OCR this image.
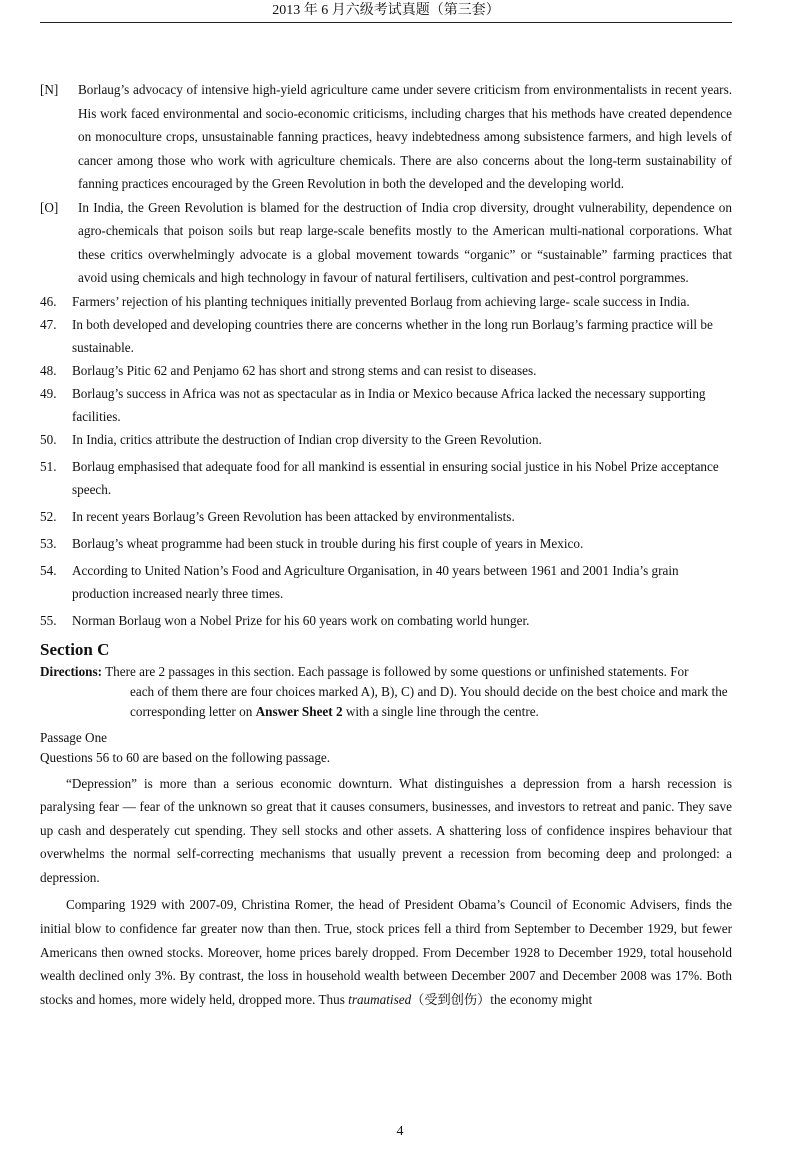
2013 年 6 月六级考试真题（第三套）
[N] Borlaug’s advocacy of intensive high-yield agriculture came under severe criticism from environmentalists in recent years. His work faced environmental and socio-economic criticisms, including charges that his methods have created dependence on monoculture crops, unsustainable fanning practices, heavy indebtedness among subsistence farmers, and high levels of cancer among those who work with agriculture chemicals. There are also concerns about the long-term sustainability of fanning practices encouraged by the Green Revolution in both the developed and the developing world.
[O] In India, the Green Revolution is blamed for the destruction of India crop diversity, drought vulnerability, dependence on agro-chemicals that poison soils but reap large-scale benefits mostly to the American multi-national corporations. What these critics overwhelmingly advocate is a global movement towards “organic” or “sustainable” farming practices that avoid using chemicals and high technology in favour of natural fertilisers, cultivation and pest-control porgrammes.
46. Farmers’ rejection of his planting techniques initially prevented Borlaug from achieving large- scale success in India.
47. In both developed and developing countries there are concerns whether in the long run Borlaug’s farming practice will be sustainable.
48. Borlaug’s Pitic 62 and Penjamo 62 has short and strong stems and can resist to diseases.
49. Borlaug’s success in Africa was not as spectacular as in India or Mexico because Africa lacked the necessary supporting facilities.
50. In India, critics attribute the destruction of Indian crop diversity to the Green Revolution.
51. Borlaug emphasised that adequate food for all mankind is essential in ensuring social justice in his Nobel Prize acceptance speech.
52. In recent years Borlaug’s Green Revolution has been attacked by environmentalists.
53. Borlaug’s wheat programme had been stuck in trouble during his first couple of years in Mexico.
54. According to United Nation’s Food and Agriculture Organisation, in 40 years between 1961 and 2001 India’s grain production increased nearly three times.
55. Norman Borlaug won a Nobel Prize for his 60 years work on combating world hunger.
Section C
Directions: There are 2 passages in this section. Each passage is followed by some questions or unfinished statements. For
each of them there are four choices marked A), B), C) and D). You should decide on the best choice and mark the corresponding letter on Answer Sheet 2 with a single line through the centre.
Passage One
Questions 56 to 60 are based on the following passage.
“Depression” is more than a serious economic downturn. What distinguishes a depression from a harsh recession is paralysing fear — fear of the unknown so great that it causes consumers, businesses, and investors to retreat and panic. They save up cash and desperately cut spending. They sell stocks and other assets. A shattering loss of confidence inspires behaviour that overwhelms the normal self-correcting mechanisms that usually prevent a recession from becoming deep and prolonged: a depression.
Comparing 1929 with 2007-09, Christina Romer, the head of President Obama’s Council of Economic Advisers, finds the initial blow to confidence far greater now than then. True, stock prices fell a third from September to December 1929, but fewer Americans then owned stocks. Moreover, home prices barely dropped. From December 1928 to December 1929, total household wealth declined only 3%. By contrast, the loss in household wealth between December 2007 and December 2008 was 17%. Both stocks and homes, more widely held, dropped more. Thus traumatised（受到创伤）the economy might
4
